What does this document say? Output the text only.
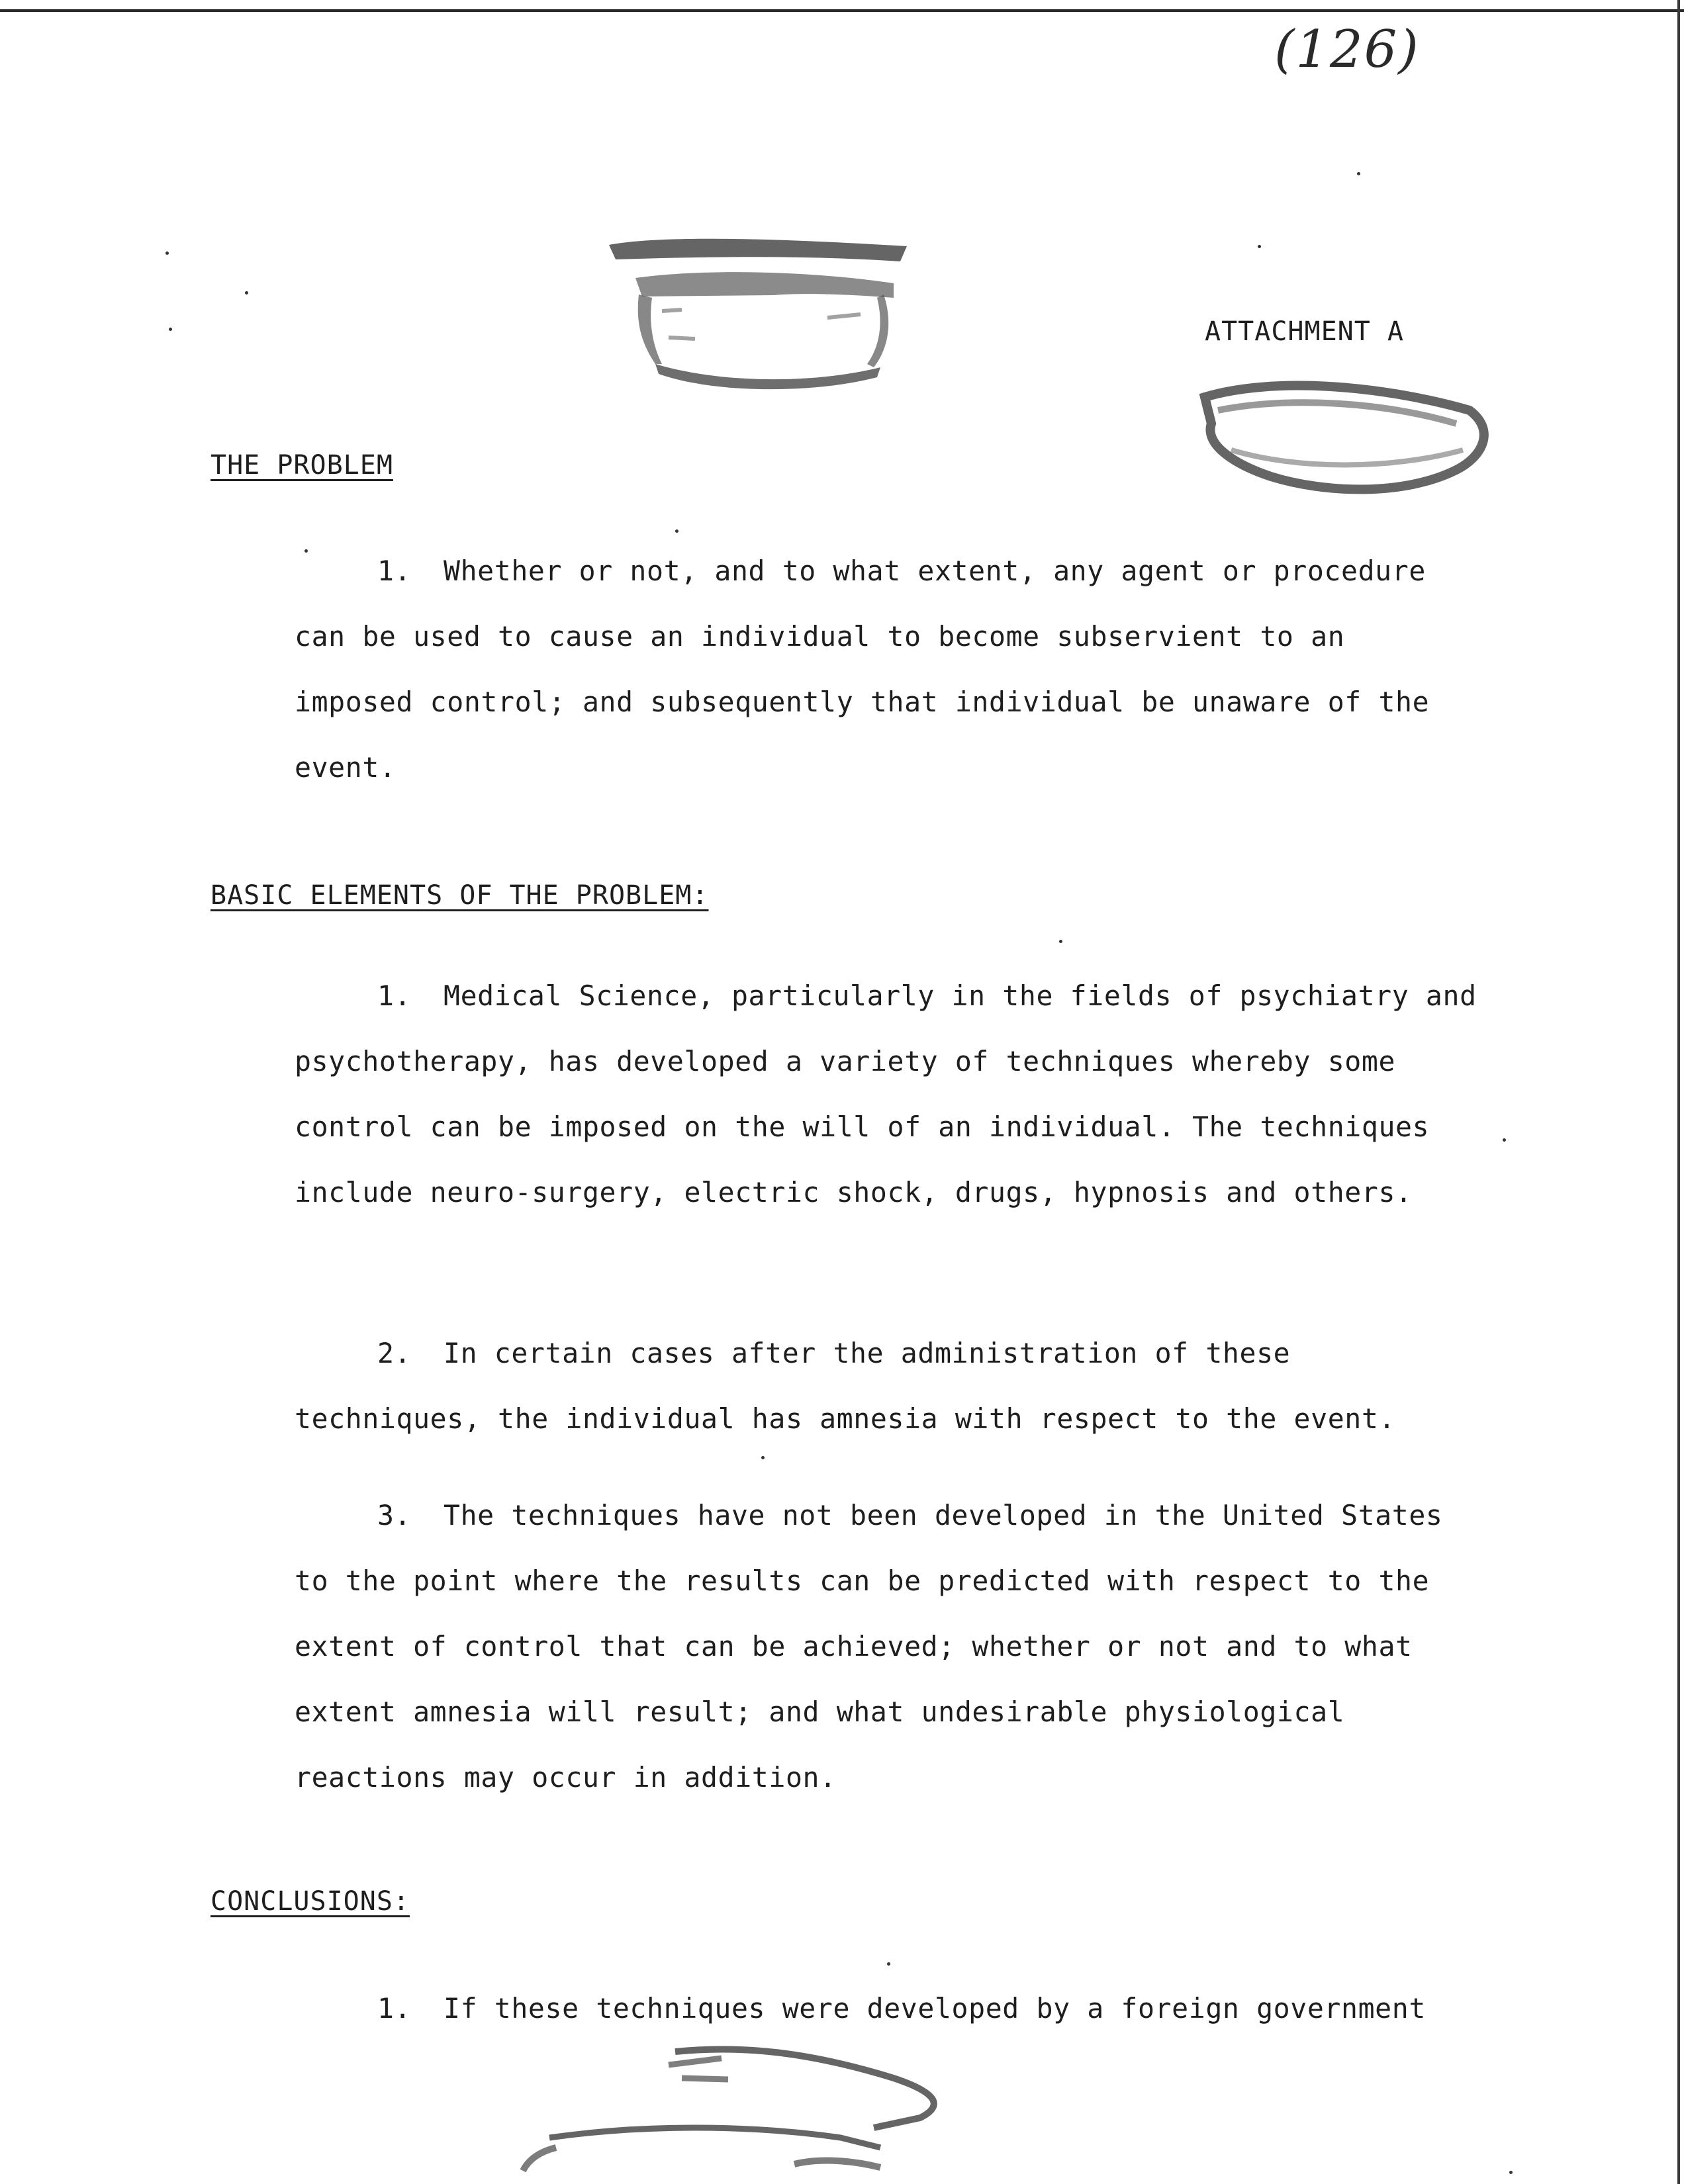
(126)
ATTACHMENT A
THE PROBLEM
1. Whether or not, and to what extent, any agent or procedure can be used to cause an individual to become subservient to an imposed control; and subsequently that individual be unaware of the event.
BASIC ELEMENTS OF THE PROBLEM:
1. Medical Science, particularly in the fields of psychiatry and psychotherapy, has developed a variety of techniques whereby some control can be imposed on the will of an individual. The techniques include neuro-surgery, electric shock, drugs, hypnosis and others.
2. In certain cases after the administration of these techniques, the individual has amnesia with respect to the event.
3. The techniques have not been developed in the United States to the point where the results can be predicted with respect to the extent of control that can be achieved; whether or not and to what extent amnesia will result; and what undesirable physiological reactions may occur in addition.
CONCLUSIONS:
1. If these techniques were developed by a foreign government
